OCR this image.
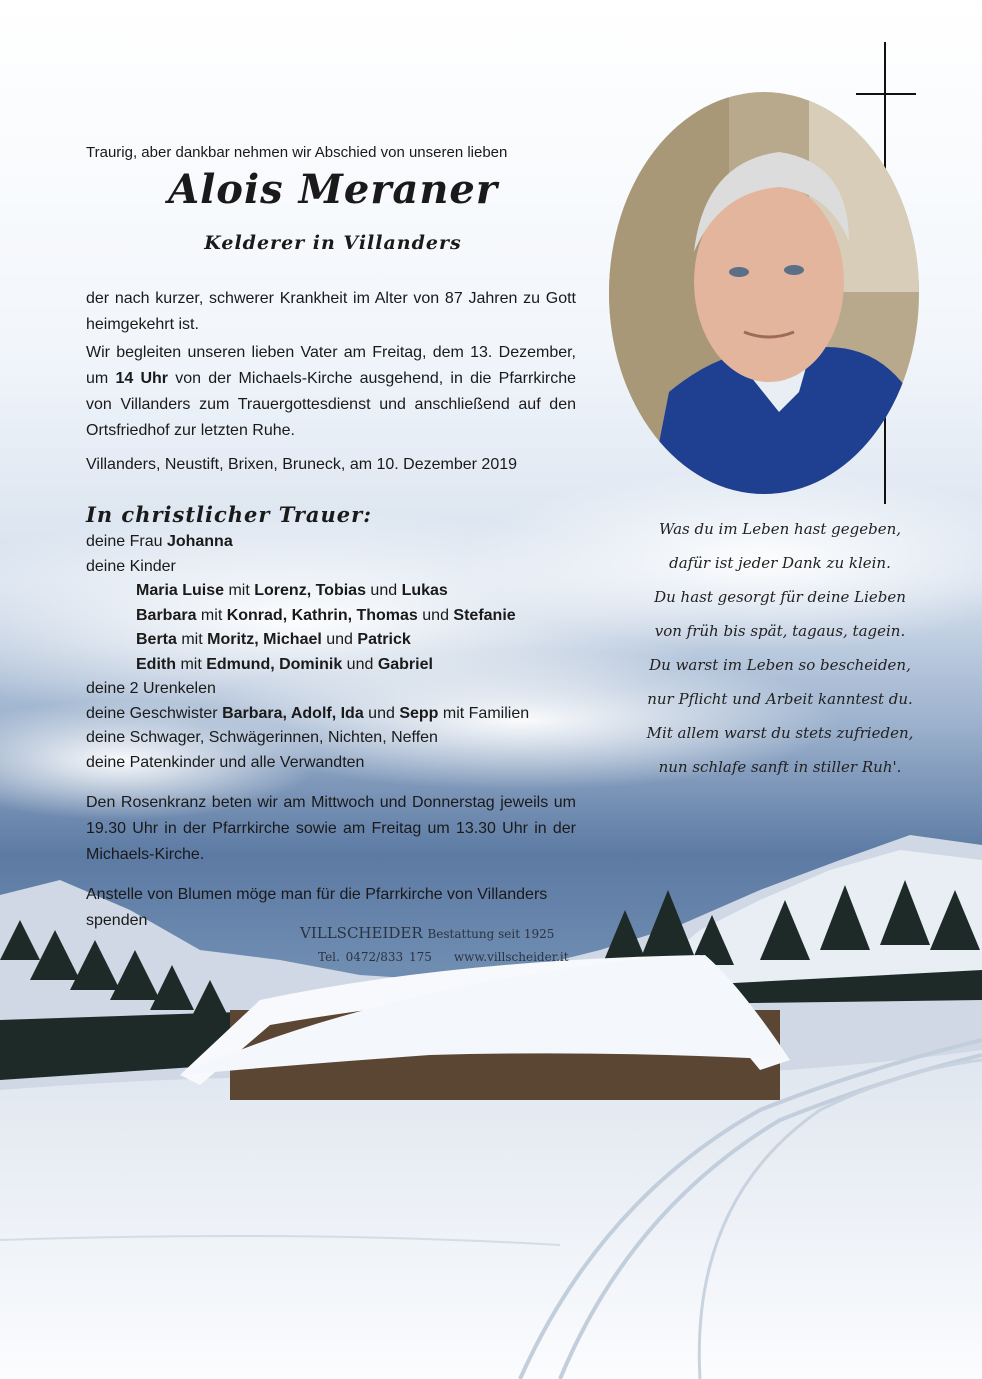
Traurig, aber dankbar nehmen wir Abschied von unseren lieben
Alois Meraner
Kelderer in Villanders
der nach kurzer, schwerer Krankheit im Alter von 87 Jahren zu Gott heimgekehrt ist.
Wir begleiten unseren lieben Vater am Freitag, dem 13. Dezember, um 14 Uhr von der Michaels-Kirche ausgehend, in die Pfarrkirche von Villanders zum Trauergottesdienst und anschließend auf den Ortsfriedhof zur letzten Ruhe.
Villanders, Neustift, Brixen, Bruneck, am 10. Dezember 2019
In christlicher Trauer:
deine Frau Johanna
deine Kinder
Maria Luise mit Lorenz, Tobias und Lukas
Barbara mit Konrad, Kathrin, Thomas und Stefanie
Berta mit Moritz, Michael und Patrick
Edith mit Edmund, Dominik und Gabriel
deine 2 Urenkelen
deine Geschwister Barbara, Adolf, Ida und Sepp mit Familien
deine Schwager, Schwägerinnen, Nichten, Neffen
deine Patenkinder und alle Verwandten
Den Rosenkranz beten wir am Mittwoch und Donnerstag jeweils um 19.30 Uhr in der Pfarrkirche sowie am Freitag um 13.30 Uhr in der Michaels-Kirche.
Anstelle von Blumen möge man für die Pfarrkirche von Villanders spenden
VILLSCHEIDER Bestattung seit 1925
Tel. 0472/833 175 www.villscheider.it
Was du im Leben hast gegeben,
dafür ist jeder Dank zu klein.
Du hast gesorgt für deine Lieben
von früh bis spät, tagaus, tagein.
Du warst im Leben so bescheiden,
nur Pflicht und Arbeit kanntest du.
Mit allem warst du stets zufrieden,
nun schlafe sanft in stiller Ruh'.
